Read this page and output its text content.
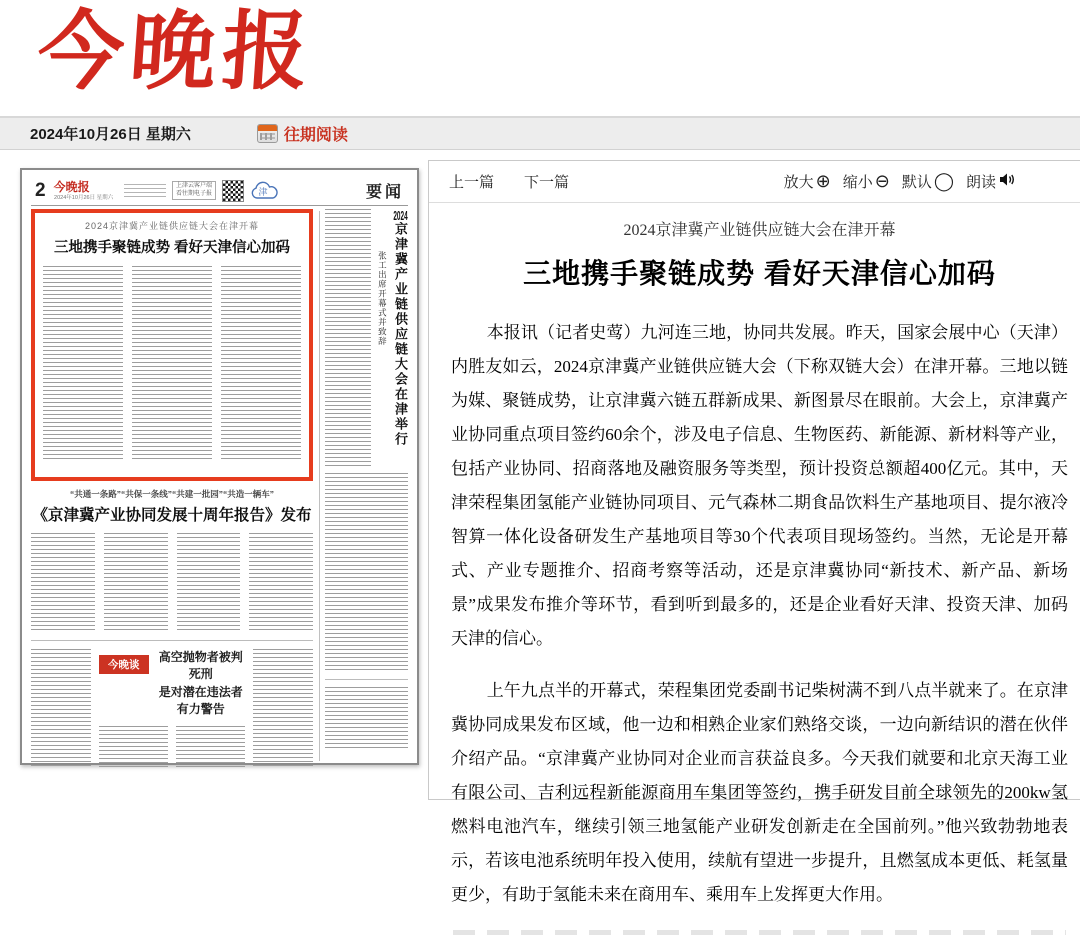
今晚报
2024年10月26日 星期六	往期阅读
2 今晚报
2024年10月26日 星期六
上津云客户端
看往期电子报	津	要闻
2024京津冀产业链供应链大会在津开幕
三地携手聚链成势 看好天津信心加码
“共通一条路”“共保一条线”“共建一批园”“共造一辆车”
《京津冀产业协同发展十周年报告》发布
今晚谈
高空抛物者被判死刑
是对潜在违法者有力警告
张工出席开幕式并致辞
2024京津冀产业链供应链大会在津举行
上一篇 下一篇	放大 ⊕ 缩小 ⊖ 默认 ◯ 朗读
2024京津冀产业链供应链大会在津开幕
三地携手聚链成势 看好天津信心加码

本报讯（记者史莺）九河连三地，协同共发展。昨天，国家会展中心（天津）内胜友如云，2024京津冀产业链供应链大会（下称双链大会）在津开幕。三地以链为媒、聚链成势，让京津冀六链五群新成果、新图景尽在眼前。大会上，京津冀产业协同重点项目签约60余个，涉及电子信息、生物医药、新能源、新材料等产业，包括产业协同、招商落地及融资服务等类型，预计投资总额超400亿元。其中，天津荣程集团氢能产业链协同项目、元气森林二期食品饮料生产基地项目、提尔液冷智算一体化设备研发生产基地项目等30个代表项目现场签约。当然，无论是开幕式、产业专题推介、招商考察等活动，还是京津冀协同“新技术、新产品、新场景”成果发布推介等环节，看到听到最多的，还是企业看好天津、投资天津、加码天津的信心。

上午九点半的开幕式，荣程集团党委副书记柴树满不到八点半就来了。在京津冀协同成果发布区域，他一边和相熟企业家们熟络交谈，一边向新结识的潜在伙伴介绍产品。“京津冀产业协同对企业而言获益良多。今天我们就要和北京天海工业有限公司、吉利远程新能源商用车集团等签约，携手研发目前全球领先的200kw氢燃料电池汽车，继续引领三地氢能产业研发创新走在全国前列。”他兴致勃勃地表示，若该电池系统明年投入使用，续航有望进一步提升，且燃氢成本更低、耗氢量更少，有助于氢能未来在商用车、乘用车上发挥更大作用。
